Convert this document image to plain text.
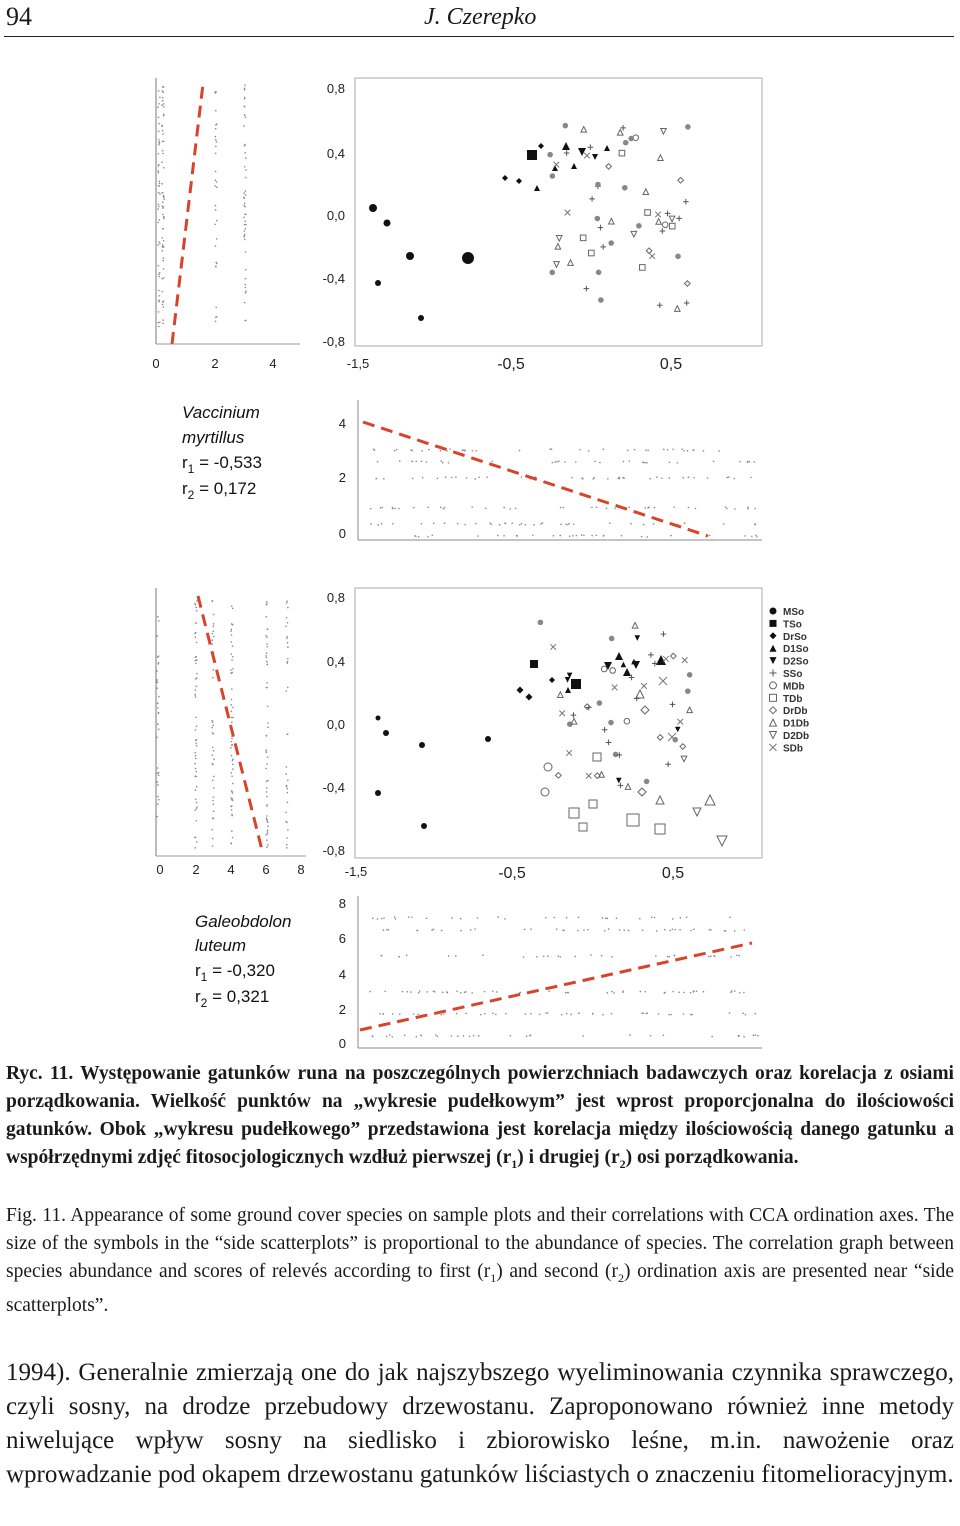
94	J. Czerepko
0	2	4
0,8
0,4
0,0
-0,4
-0,8
-1,5	-0,5	0,5
Vaccinium
myrtillus
$r_1 = -0,533$
$r_2 = 0,172$
4
2
0
0 2 4 6 8
0,8
0,4
0,0
-0,4
-0,8
-1,5	-0,5	0,5
MSo
TSo
DrSo
D1So
D2So
SSo
MDb
TDb
DrDb
D1Db
D2Db
SDb
Galeobdolon
luteum
$r_1 = -0,320$
$r_2 = 0,321$
8
6
4
2
0
Ryc. 11. Występowanie gatunków runa na poszczególnych powierzchniach badawczych oraz korelacja z osiami porządkowania. Wielkość punktów na „wykresie pudełkowym” jest wprost proporcjonalna do ilościowości gatunków. Obok „wykresu pudełkowego” przedstawiona jest korelacja między ilościowością danego gatunku a współrzędnymi zdjęć fitosocjologicznych wzdłuż pierwszej $(r_1)$ i drugiej $(r_2)$ osi porządkowania.
Fig. 11. Appearance of some ground cover species on sample plots and their correlations with CCA ordination axes. The size of the symbols in the “side scatterplots” is proportional to the abundance of species. The correlation graph between species abundance and scores of relevés according to first $(r_1)$ and second $(r_2)$ ordination axis are presented near “side scatterplots”.
1994). Generalnie zmierzają one do jak najszybszego wyeliminowania czynnika sprawczego, czyli sosny, na drodze przebudowy drzewostanu. Zaproponowano również inne metody niwelujące wpływ sosny na siedlisko i zbiorowisko leśne, m.in. nawożenie oraz wprowadzanie pod okapem drzewostanu gatunków liściastych o znaczeniu fitomelioracyjnym.
